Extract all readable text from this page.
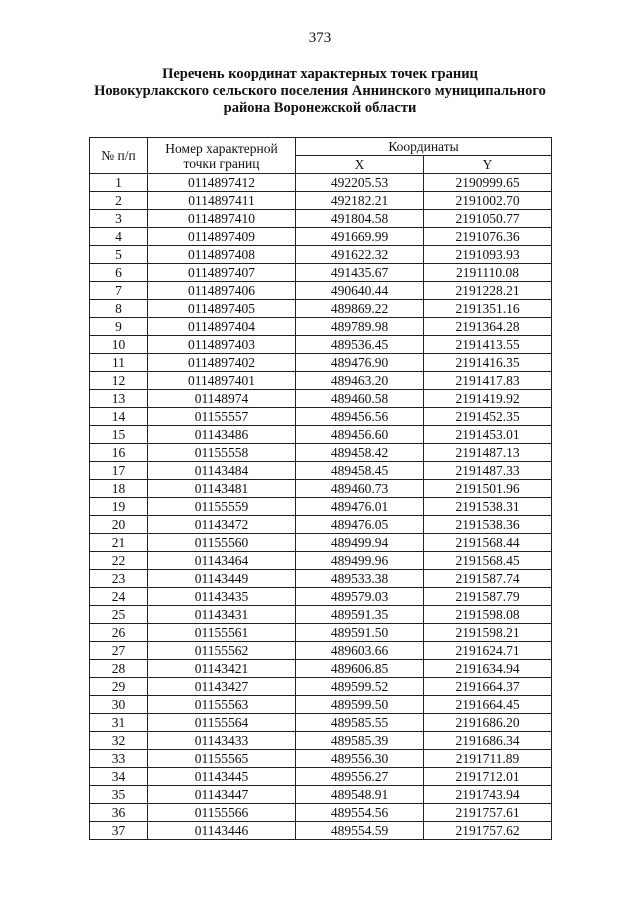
373
Перечень координат характерных точек границ
Новокурлакского сельского поселения Аннинского муниципального
района Воронежской области
№ п/п	Номер характерной точки границ	Координаты	
		X	Y
1	0114897412	492205.53	2190999.65
2	0114897411	492182.21	2191002.70
3	0114897410	491804.58	2191050.77
4	0114897409	491669.99	2191076.36
5	0114897408	491622.32	2191093.93
6	0114897407	491435.67	2191110.08
7	0114897406	490640.44	2191228.21
8	0114897405	489869.22	2191351.16
9	0114897404	489789.98	2191364.28
10	0114897403	489536.45	2191413.55
11	0114897402	489476.90	2191416.35
12	0114897401	489463.20	2191417.83
13	01148974	489460.58	2191419.92
14	01155557	489456.56	2191452.35
15	01143486	489456.60	2191453.01
16	01155558	489458.42	2191487.13
17	01143484	489458.45	2191487.33
18	01143481	489460.73	2191501.96
19	01155559	489476.01	2191538.31
20	01143472	489476.05	2191538.36
21	01155560	489499.94	2191568.44
22	01143464	489499.96	2191568.45
23	01143449	489533.38	2191587.74
24	01143435	489579.03	2191587.79
25	01143431	489591.35	2191598.08
26	01155561	489591.50	2191598.21
27	01155562	489603.66	2191624.71
28	01143421	489606.85	2191634.94
29	01143427	489599.52	2191664.37
30	01155563	489599.50	2191664.45
31	01155564	489585.55	2191686.20
32	01143433	489585.39	2191686.34
33	01155565	489556.30	2191711.89
34	01143445	489556.27	2191712.01
35	01143447	489548.91	2191743.94
36	01155566	489554.56	2191757.61
37	01143446	489554.59	2191757.62
